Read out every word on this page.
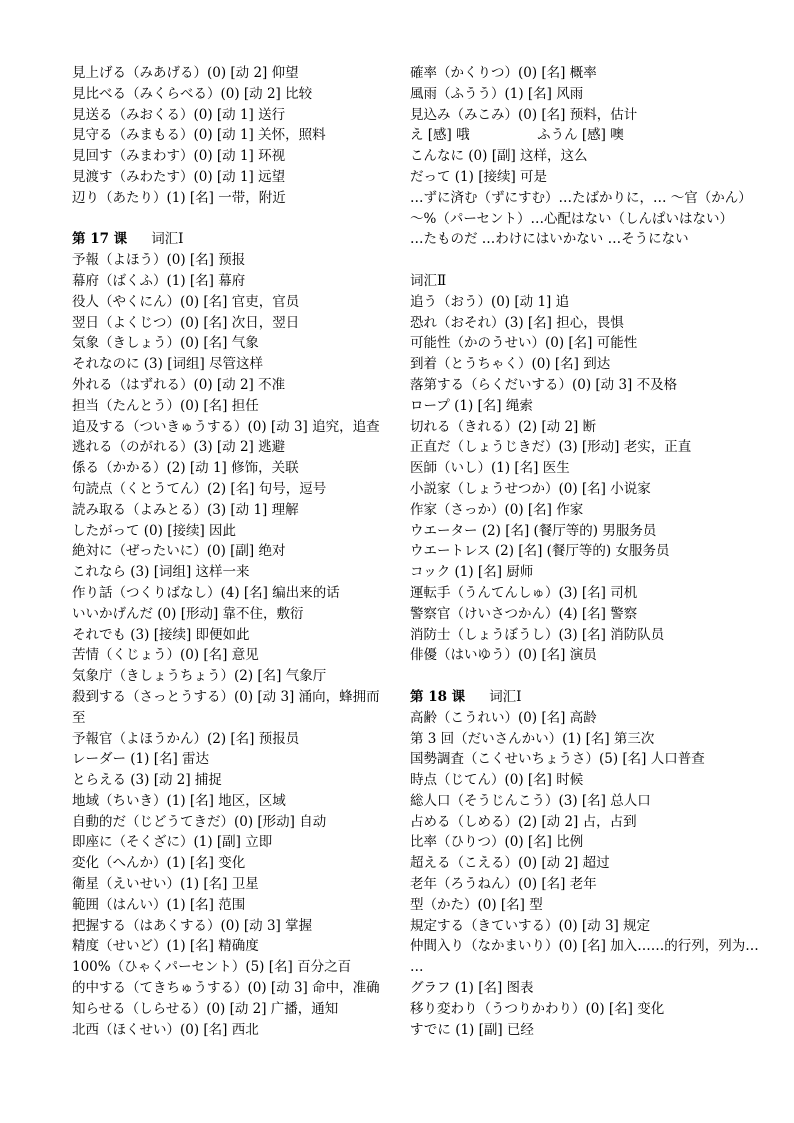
見上げる（みあげる）(0) [动 2] 仰望
見比べる（みくらべる）(0) [动 2] 比较
見送る（みおくる）(0) [动 1] 送行
見守る（みまもる）(0) [动 1] 关怀，照料
見回す（みまわす）(0) [动 1] 环视
見渡す（みわたす）(0) [动 1] 远望
辺り（あたり）(1) [名] 一带，附近
第 17 课 词汇Ⅰ
予報（よほう）(0) [名] 预报
幕府（ばくふ）(1) [名] 幕府
役人（やくにん）(0) [名] 官吏，官员
翌日（よくじつ）(0) [名] 次日，翌日
気象（きしょう）(0) [名] 气象
それなのに (3) [词组] 尽管这样
外れる（はずれる）(0) [动 2] 不准
担当（たんとう）(0) [名] 担任
追及する（ついきゅうする）(0) [动 3] 追究，追查
逃れる（のがれる）(3) [动 2] 逃避
係る（かかる）(2) [动 1] 修饰，关联
句読点（くとうてん）(2) [名] 句号，逗号
読み取る（よみとる）(3) [动 1] 理解
したがって (0) [接续] 因此
絶対に（ぜったいに）(0) [副] 绝对
これなら (3) [词组] 这样一来
作り話（つくりばなし）(4) [名] 编出来的话
いいかげんだ (0) [形动] 靠不住，敷衍
それでも (3) [接续] 即便如此
苦情（くじょう）(0) [名] 意见
気象庁（きしょうちょう）(2) [名] 气象厅
殺到する（さっとうする）(0) [动 3] 涌向，蜂拥而至
予報官（よほうかん）(2) [名] 预报员
レーダー (1) [名] 雷达
とらえる (3) [动 2] 捕捉
地域（ちいき）(1) [名] 地区，区域
自動的だ（じどうてきだ）(0) [形动] 自动
即座に（そくざに）(1) [副] 立即
変化（へんか）(1) [名] 变化
衛星（えいせい）(1) [名] 卫星
範囲（はんい）(1) [名] 范围
把握する（はあくする）(0) [动 3] 掌握
精度（せいど）(1) [名] 精确度
100%（ひゃくパーセント）(5) [名] 百分之百
的中する（てきちゅうする）(0) [动 3] 命中，准确
知らせる（しらせる）(0) [动 2] 广播，通知
北西（ほくせい）(0) [名] 西北
確率（かくりつ）(0) [名] 概率
風雨（ふうう）(1) [名] 风雨
見込み（みこみ）(0) [名] 预料，估计
え [感] 哦　　　　　ふうん [感] 噢
こんなに (0) [副] 这样，这么
だって (1) [接续] 可是
…ずに済む（ずにすむ）…たばかりに，… ～官（かん）
～%（パーセント）…心配はない（しんぱいはない）
…たものだ …わけにはいかない …そうにない
词汇Ⅱ
追う（おう）(0) [动 1] 追
恐れ（おそれ）(3) [名] 担心，畏惧
可能性（かのうせい）(0) [名] 可能性
到着（とうちゃく）(0) [名] 到达
落第する（らくだいする）(0) [动 3] 不及格
ロープ (1) [名] 绳索
切れる（きれる）(2) [动 2] 断
正直だ（しょうじきだ）(3) [形动] 老实，正直
医師（いし）(1) [名] 医生
小説家（しょうせつか）(0) [名] 小说家
作家（さっか）(0) [名] 作家
ウエーター (2) [名] (餐厅等的) 男服务员
ウエートレス (2) [名] (餐厅等的) 女服务员
コック (1) [名] 厨师
運転手（うんてんしゅ）(3) [名] 司机
警察官（けいさつかん）(4) [名] 警察
消防士（しょうぼうし）(3) [名] 消防队员
俳優（はいゆう）(0) [名] 演员
第 18 课 词汇Ⅰ
高齢（こうれい）(0) [名] 高龄
第 3 回（だいさんかい）(1) [名] 第三次
国勢調査（こくせいちょうさ）(5) [名] 人口普查
時点（じてん）(0) [名] 时候
総人口（そうじんこう）(3) [名] 总人口
占める（しめる）(2) [动 2] 占，占到
比率（ひりつ）(0) [名] 比例
超える（こえる）(0) [动 2] 超过
老年（ろうねん）(0) [名] 老年
型（かた）(0) [名] 型
規定する（きていする）(0) [动 3] 规定
仲間入り（なかまいり）(0) [名] 加入……的行列，列为…
…
グラフ (1) [名] 图表
移り変わり（うつりかわり）(0) [名] 变化
すでに (1) [副] 已经
